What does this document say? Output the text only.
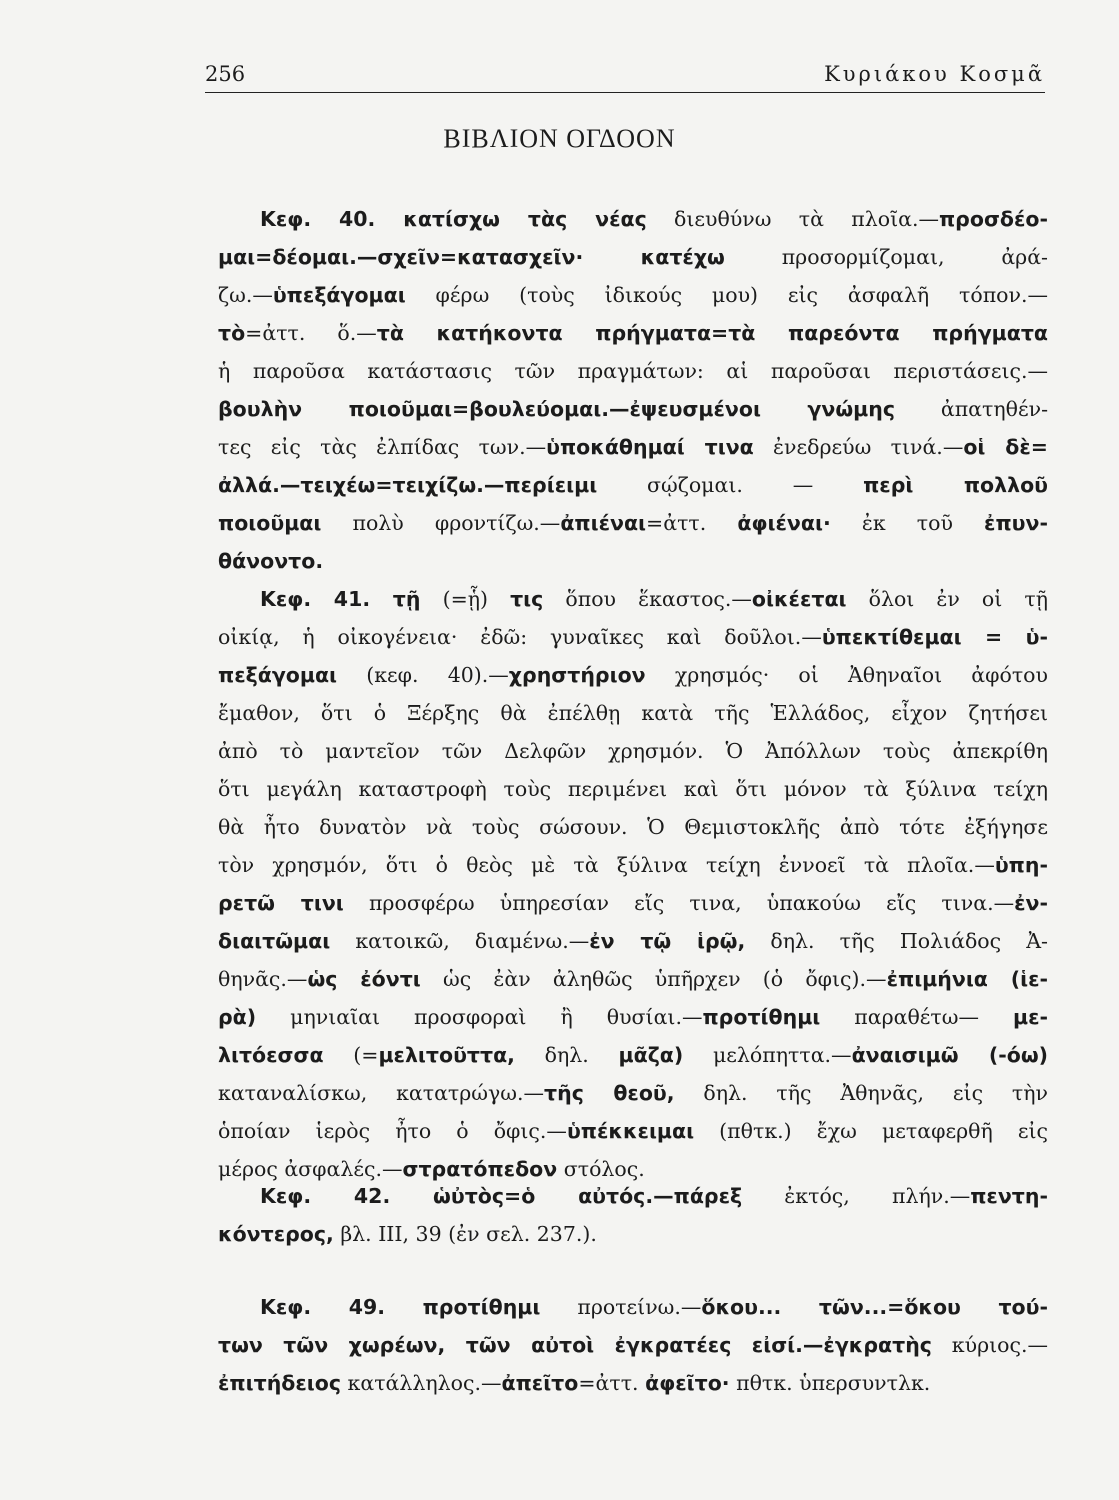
256	Κυριάκου Κοσμᾶ
ΒΙΒΛΙΟΝ ΟΓΔΟΟΝ
Κεφ. 40. κατίσχω τὰς νέας διευθύνω τὰ πλοῖα.—προσδέο-
μαι=δέομαι.—σχεῖν=κατασχεῖν· κατέχω προσορμίζομαι, ἀρά-
ζω.—ὑπεξάγομαι φέρω (τοὺς ἰδικούς μου) εἰς ἀσφαλῆ τόπον.—
τὸ=ἀττ. ὅ.—τὰ κατήκοντα πρήγματα=τὰ παρεόντα πρήγματα
ἡ παροῦσα κατάστασις τῶν πραγμάτων: αἱ παροῦσαι περιστάσεις.—
βουλὴν ποιοῦμαι=βουλεύομαι.—ἐψευσμένοι γνώμης ἀπατηθέν-
τες εἰς τὰς ἐλπίδας των.—ὑποκάθημαί τινα ἐνεδρεύω τινά.—οἱ δὲ=
ἀλλά.—τειχέω=τειχίζω.—περίειμι σῴζομαι. — περὶ πολλοῦ
ποιοῦμαι πολὺ φροντίζω.—ἀπιέναι=ἀττ. ἀφιέναι· ἐκ τοῦ ἐπυν-
θάνοντο.
Κεφ. 41. τῇ (=ᾗ) τις ὅπου ἕκαστος.—οἰκέεται ὅλοι ἐν οἱ τῇ
οἰκίᾳ, ἡ οἰκογένεια· ἐδῶ: γυναῖκες καὶ δοῦλοι.—ὑπεκτίθεμαι = ὑ-
πεξάγομαι (κεφ. 40).—χρηστήριον χρησμός· οἱ Ἀθηναῖοι ἀφότου
ἔμαθον, ὅτι ὁ Ξέρξης θὰ ἐπέλθῃ κατὰ τῆς Ἑλλάδος, εἶχον ζητήσει
ἀπὸ τὸ μαντεῖον τῶν Δελφῶν χρησμόν. Ὁ Ἀπόλλων τοὺς ἀπεκρίθη
ὅτι μεγάλη καταστροφὴ τοὺς περιμένει καὶ ὅτι μόνον τὰ ξύλινα τείχη
θὰ ἦτο δυνατὸν νὰ τοὺς σώσουν. Ὁ Θεμιστοκλῆς ἀπὸ τότε ἐξήγησε
τὸν χρησμόν, ὅτι ὁ θεὸς μὲ τὰ ξύλινα τείχη ἐννοεῖ τὰ πλοῖα.—ὑπη-
ρετῶ τινι προσφέρω ὑπηρεσίαν εἴς τινα, ὑπακούω εἴς τινα.—ἐν-
διαιτῶμαι κατοικῶ, διαμένω.—ἐν τῷ ἱρῷ, δηλ. τῆς Πολιάδος Ἀ-
θηνᾶς.—ὡς ἐόντι ὡς ἐὰν ἀληθῶς ὑπῆρχεν (ὁ ὄφις).—ἐπιμήνια (ἱε-
ρὰ) μηνιαῖαι προσφοραὶ ἢ θυσίαι.—προτίθημι παραθέτω— με-
λιτόεσσα (=μελιτοῦττα, δηλ. μᾶζα) μελόπηττα.—ἀναισιμῶ (-όω)
καταναλίσκω, κατατρώγω.—τῆς θεοῦ, δηλ. τῆς Ἀθηνᾶς, εἰς τὴν
ὁποίαν ἱερὸς ἦτο ὁ ὄφις.—ὑπέκκειμαι (πθτκ.) ἔχω μεταφερθῆ εἰς
μέρος ἀσφαλές.—στρατόπεδον στόλος.
Κεφ. 42. ὡὐτὸς=ὁ αὐτός.—πάρεξ ἐκτός, πλήν.—πεντη-
κόντερος, βλ. ΙΙΙ, 39 (ἐν σελ. 237.).
Κεφ. 49. προτίθημι προτείνω.—ὅκου... τῶν...=ὅκου τού-
των τῶν χωρέων, τῶν αὐτοὶ ἐγκρατέες εἰσί.—ἐγκρατὴς κύριος.—
ἐπιτήδειος κατάλληλος.—ἀπεῖτο=ἀττ. ἀφεῖτο· πθτκ. ὑπερσυντλκ.
